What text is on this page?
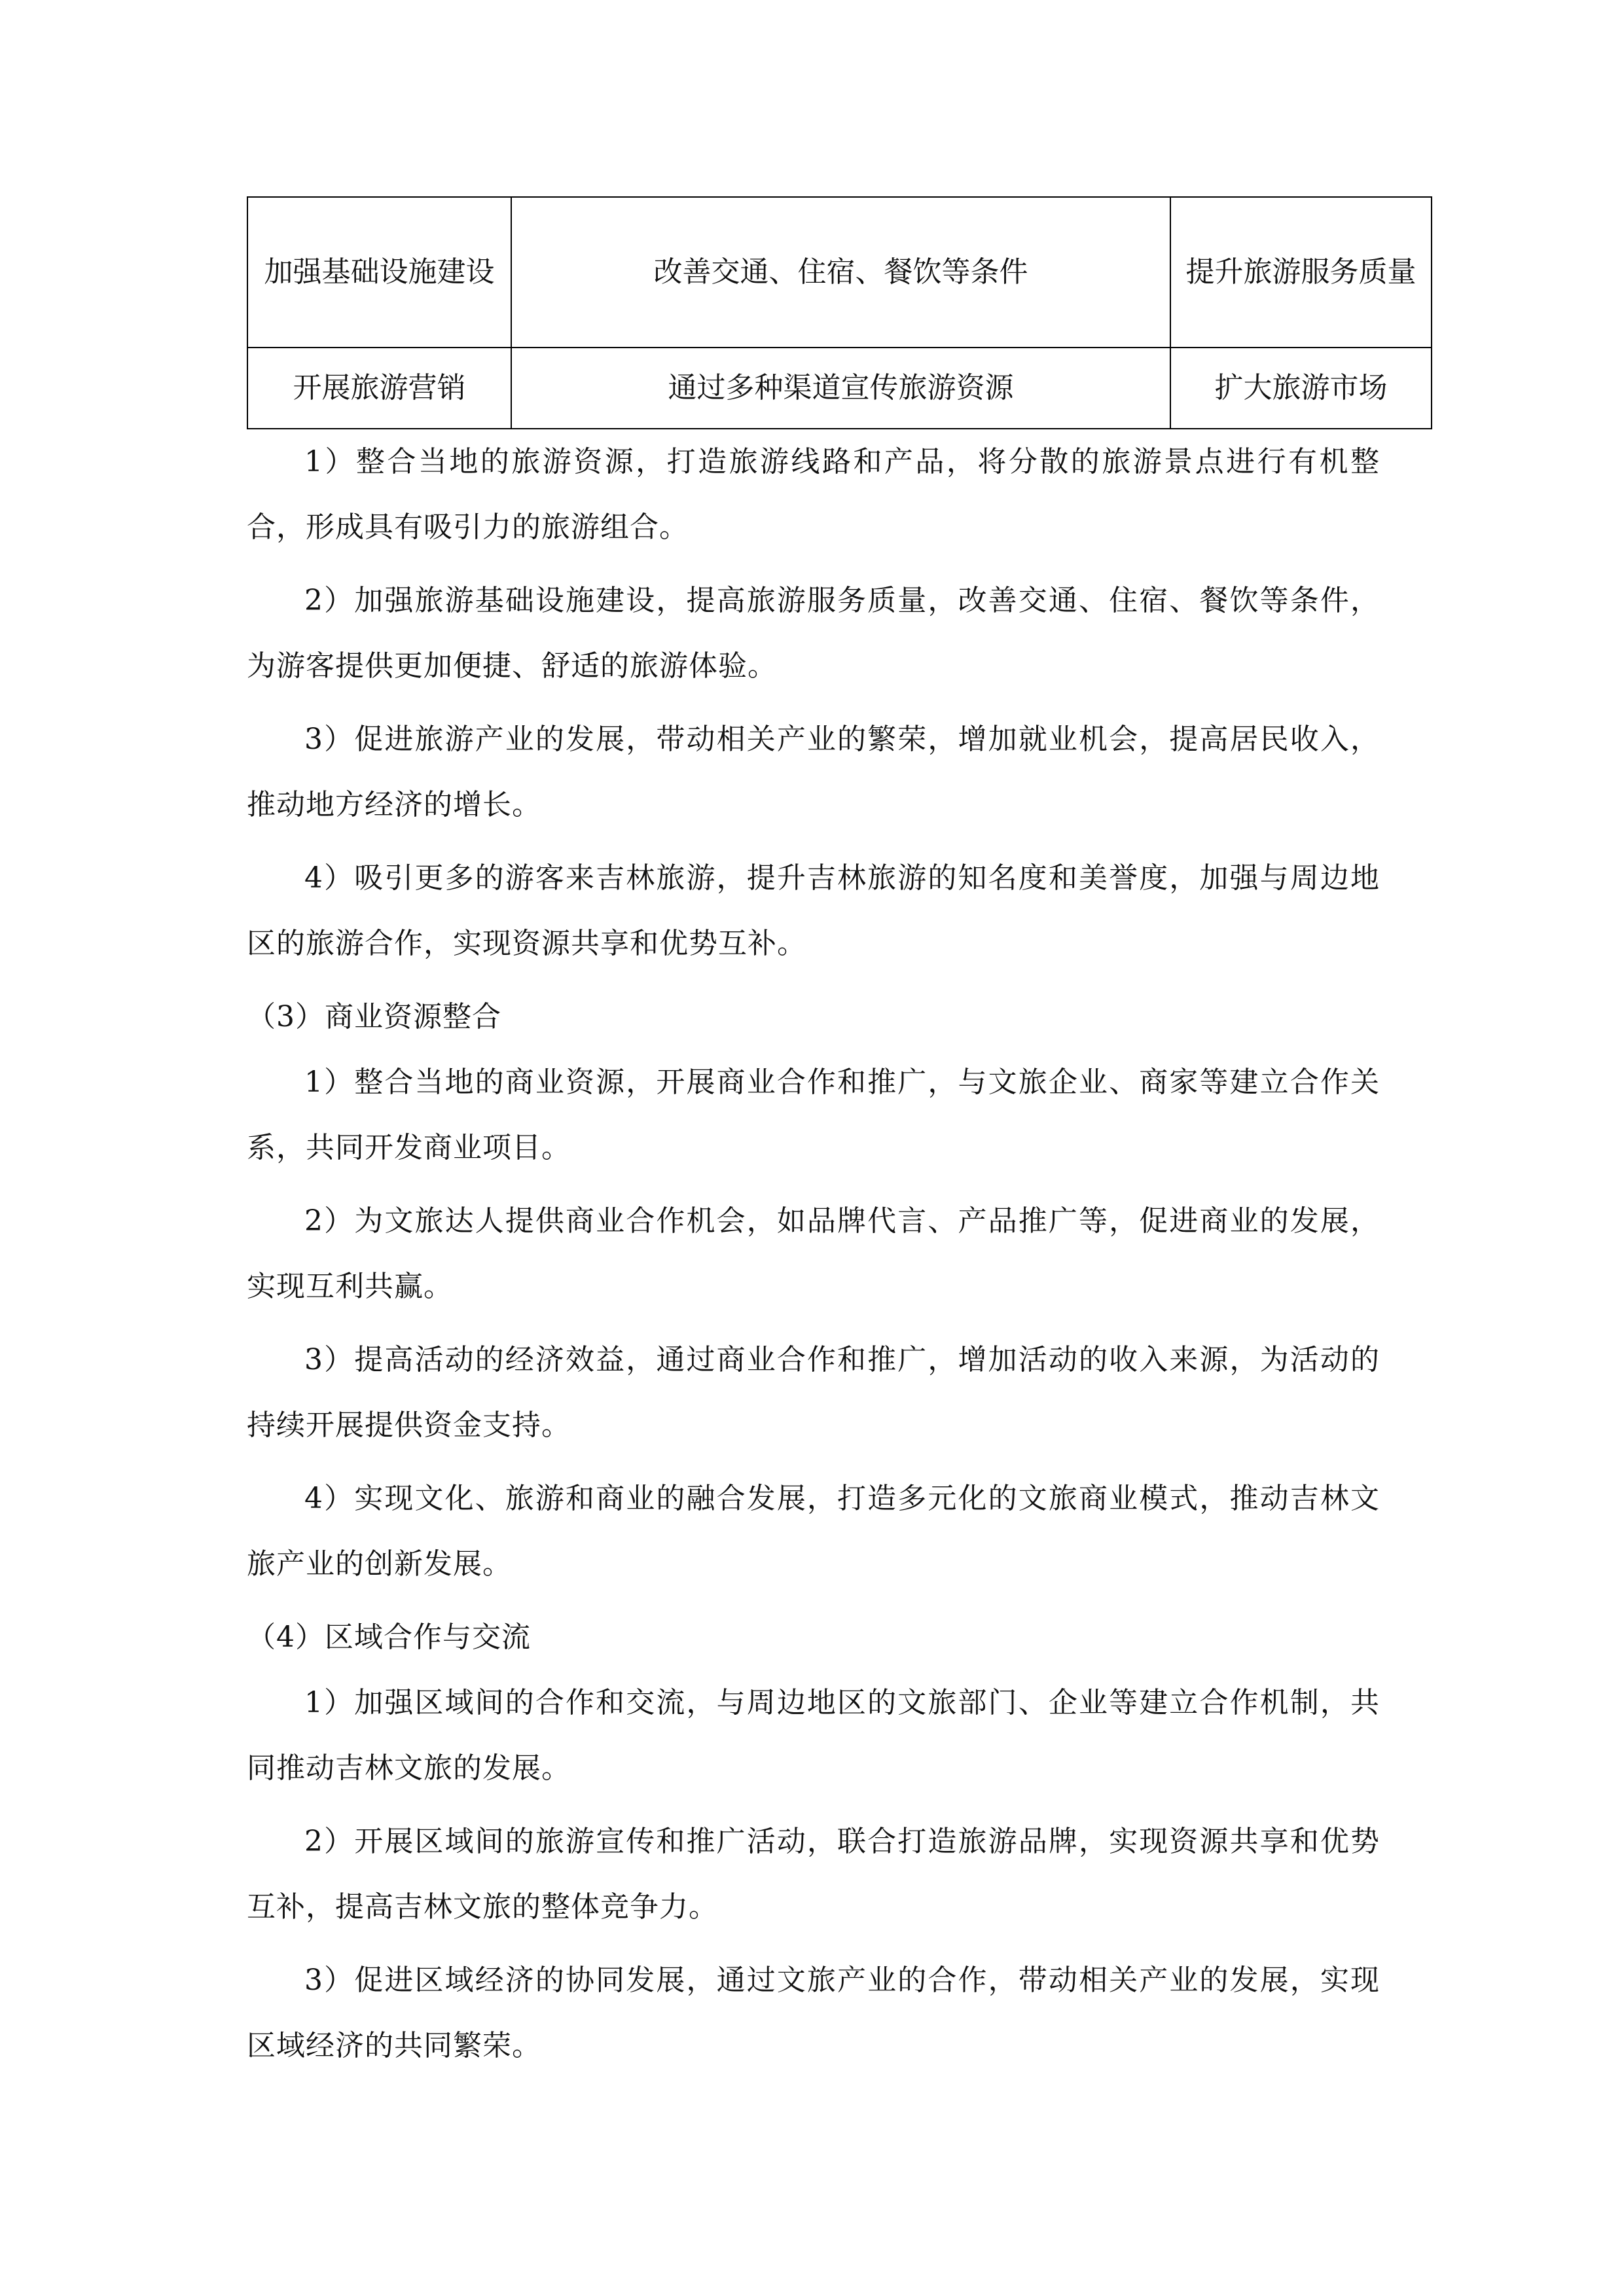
加强基础设施建设	改善交通、住宿、餐饮等条件	提升旅游服务质量
开展旅游营销	通过多种渠道宣传旅游资源	扩大旅游市场

1）整合当地的旅游资源，打造旅游线路和产品，将分散的旅游景点进行有机整合，形成具有吸引力的旅游组合。

2）加强旅游基础设施建设，提高旅游服务质量，改善交通、住宿、餐饮等条件，为游客提供更加便捷、舒适的旅游体验。

3）促进旅游产业的发展，带动相关产业的繁荣，增加就业机会，提高居民收入，推动地方经济的增长。

4）吸引更多的游客来吉林旅游，提升吉林旅游的知名度和美誉度，加强与周边地区的旅游合作，实现资源共享和优势互补。

（3）商业资源整合

1）整合当地的商业资源，开展商业合作和推广，与文旅企业、商家等建立合作关系，共同开发商业项目。

2）为文旅达人提供商业合作机会，如品牌代言、产品推广等，促进商业的发展，实现互利共赢。

3）提高活动的经济效益，通过商业合作和推广，增加活动的收入来源，为活动的持续开展提供资金支持。

4）实现文化、旅游和商业的融合发展，打造多元化的文旅商业模式，推动吉林文旅产业的创新发展。

（4）区域合作与交流

1）加强区域间的合作和交流，与周边地区的文旅部门、企业等建立合作机制，共同推动吉林文旅的发展。

2）开展区域间的旅游宣传和推广活动，联合打造旅游品牌，实现资源共享和优势互补，提高吉林文旅的整体竞争力。

3）促进区域经济的协同发展，通过文旅产业的合作，带动相关产业的发展，实现区域经济的共同繁荣。
